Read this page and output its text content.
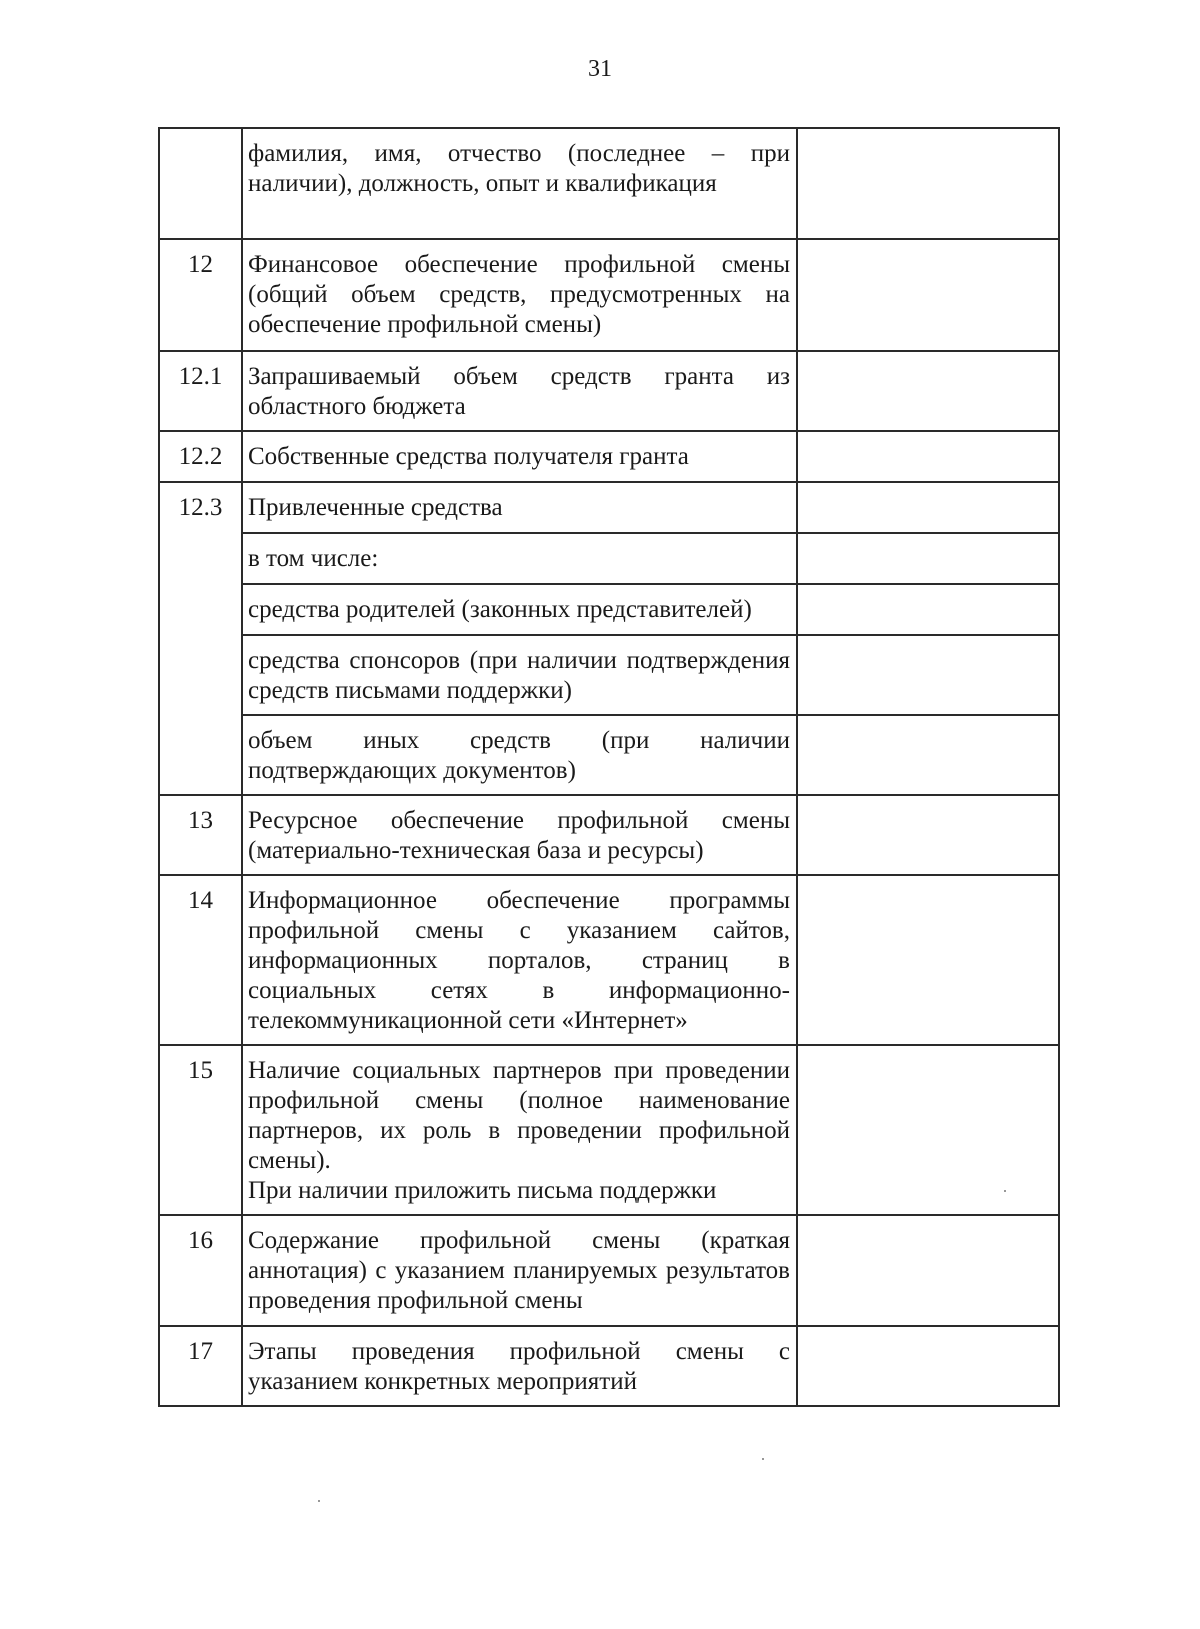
31
	фамилия, имя, отчество (последнее – при наличии), должность, опыт и квалификация	
12	Финансовое обеспечение профильной смены (общий объем средств, предусмотренных на обеспечение профильной смены)	
12.1	Запрашиваемый объем средств гранта из областного бюджета	
12.2	Собственные средства получателя гранта	
12.3	Привлеченные средства	
	в том числе:	
	средства родителей (законных представителей)	
	средства спонсоров (при наличии подтверждения средств письмами поддержки)	
	объем иных средств (при наличии подтверждающих документов)	
13	Ресурсное обеспечение профильной смены (материально-техническая база и ресурсы)	
14	Информационное обеспечение программы профильной смены с указанием сайтов, информационных порталов, страниц в социальных сетях в информационно-телекоммуникационной сети «Интернет»	
15	Наличие социальных партнеров при проведении профильной смены (полное наименование партнеров, их роль в проведении профильной смены).
При наличии приложить письма поддержки	

16	Содержание профильной смены (краткая аннотация) с указанием планируемых результатов проведения профильной смены	
17	Этапы проведения профильной смены с указанием конкретных мероприятий	
